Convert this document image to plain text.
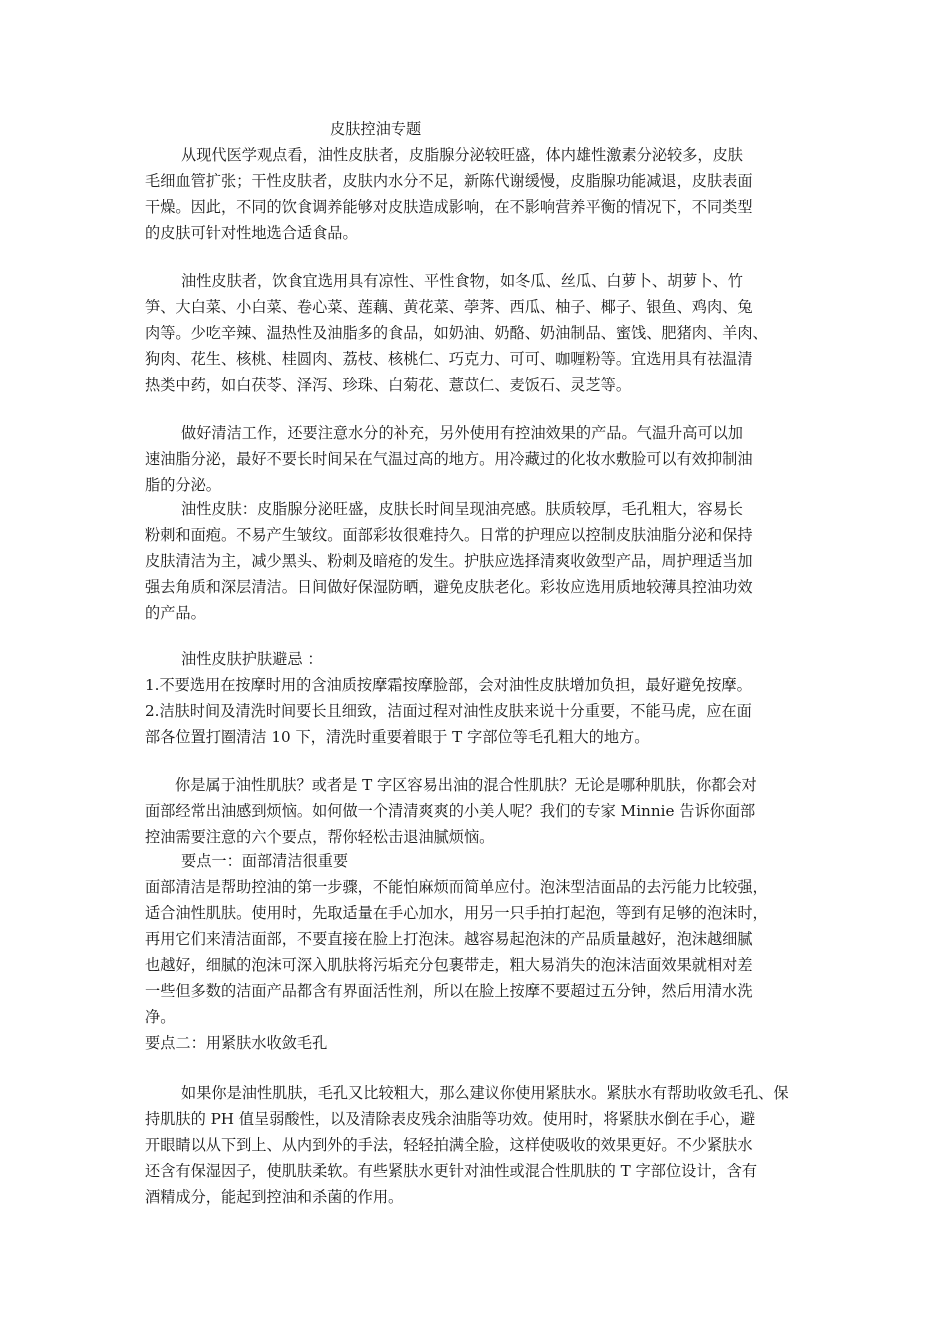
皮肤控油专题
从现代医学观点看，油性皮肤者，皮脂腺分泌较旺盛，体内雄性激素分泌较多，皮肤
毛细血管扩张；干性皮肤者，皮肤内水分不足，新陈代谢缓慢，皮脂腺功能减退，皮肤表面
干燥。因此，不同的饮食调养能够对皮肤造成影响，在不影响营养平衡的情况下，不同类型
的皮肤可针对性地选合适食品。
油性皮肤者，饮食宜选用具有凉性、平性食物，如冬瓜、丝瓜、白萝卜、胡萝卜、竹
笋、大白菜、小白菜、卷心菜、莲藕、黄花菜、荸荠、西瓜、柚子、椰子、银鱼、鸡肉、兔
肉等。少吃辛辣、温热性及油脂多的食品，如奶油、奶酪、奶油制品、蜜饯、肥猪肉、羊肉、
狗肉、花生、核桃、桂圆肉、荔枝、核桃仁、巧克力、可可、咖喱粉等。宜选用具有祛温清
热类中药，如白茯苓、泽泻、珍珠、白菊花、薏苡仁、麦饭石、灵芝等。
做好清洁工作，还要注意水分的补充，另外使用有控油效果的产品。气温升高可以加
速油脂分泌，最好不要长时间呆在气温过高的地方。用冷藏过的化妆水敷脸可以有效抑制油
脂的分泌。
油性皮肤：皮脂腺分泌旺盛，皮肤长时间呈现油亮感。肤质较厚，毛孔粗大，容易长
粉刺和面疱。不易产生皱纹。面部彩妆很难持久。日常的护理应以控制皮肤油脂分泌和保持
皮肤清洁为主，减少黑头、粉刺及暗疮的发生。护肤应选择清爽收敛型产品，周护理适当加
强去角质和深层清洁。日间做好保湿防晒，避免皮肤老化。彩妆应选用质地较薄具控油功效
的产品。
油性皮肤护肤避忌 ：
1.不要选用在按摩时用的含油质按摩霜按摩脸部，会对油性皮肤增加负担，最好避免按摩。
2.洁肤时间及清洗时间要长且细致，洁面过程对油性皮肤来说十分重要，不能马虎，应在面
部各位置打圈清洁 10 下，清洗时重要着眼于 T 字部位等毛孔粗大的地方。
你是属于油性肌肤？或者是 T 字区容易出油的混合性肌肤？无论是哪种肌肤，你都会对
面部经常出油感到烦恼。如何做一个清清爽爽的小美人呢？我们的专家 Minnie 告诉你面部
控油需要注意的六个要点，帮你轻松击退油腻烦恼。
要点一：面部清洁很重要
面部清洁是帮助控油的第一步骤，不能怕麻烦而简单应付。泡沫型洁面品的去污能力比较强，
适合油性肌肤。使用时，先取适量在手心加水，用另一只手拍打起泡，等到有足够的泡沫时，
再用它们来清洁面部，不要直接在脸上打泡沫。越容易起泡沫的产品质量越好，泡沫越细腻
也越好，细腻的泡沫可深入肌肤将污垢充分包裹带走，粗大易消失的泡沫洁面效果就相对差
一些但多数的洁面产品都含有界面活性剂，所以在脸上按摩不要超过五分钟，然后用清水洗
净。
要点二：用紧肤水收敛毛孔
如果你是油性肌肤，毛孔又比较粗大，那么建议你使用紧肤水。紧肤水有帮助收敛毛孔、保
持肌肤的 PH 值呈弱酸性，以及清除表皮残余油脂等功效。使用时，将紧肤水倒在手心，避
开眼睛以从下到上、从内到外的手法，轻轻拍满全脸，这样使吸收的效果更好。不少紧肤水
还含有保湿因子，使肌肤柔软。有些紧肤水更针对油性或混合性肌肤的 T 字部位设计，含有
酒精成分，能起到控油和杀菌的作用。
